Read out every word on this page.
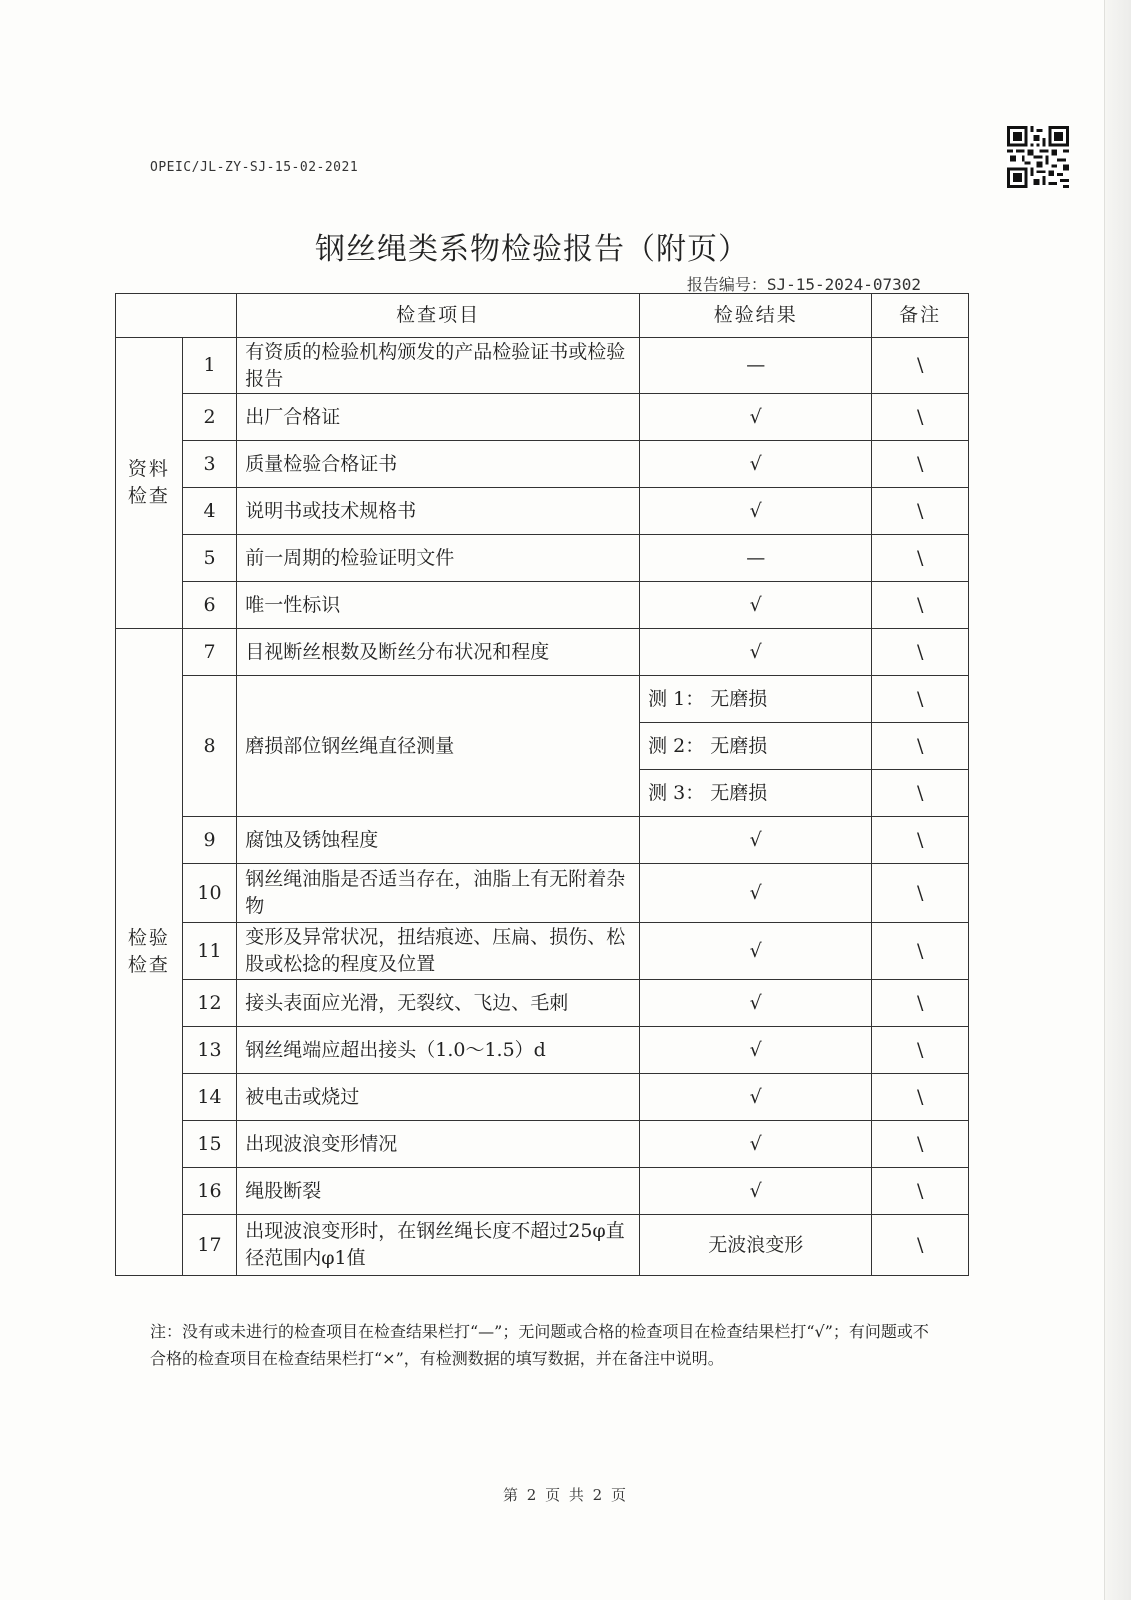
OPEIC/JL-ZY-SJ-15-02-2021
钢丝绳类系物检验报告（附页）
报告编号：SJ-15-2024-07302
		检查项目	检验结果	备注
资料
检查	1	有资质的检验机构颁发的产品检验证书或检验报告	—	\
	2	出厂合格证	√	\
	3	质量检验合格证书	√	\
	4	说明书或技术规格书	√	\
	5	前一周期的检验证明文件	—	\
	6	唯一性标识	√	\
检验
检查	7	目视断丝根数及断丝分布状况和程度	√	\
	8	磨损部位钢丝绳直径测量	测 1： 无磨损	\
			测 2： 无磨损	\
			测 3： 无磨损	\
	9	腐蚀及锈蚀程度	√	\
	10	钢丝绳油脂是否适当存在，油脂上有无附着杂物	√	\
	11	变形及异常状况，扭结痕迹、压扁、损伤、松股或松捻的程度及位置	√	\
	12	接头表面应光滑，无裂纹、飞边、毛刺	√	\
	13	钢丝绳端应超出接头（1.0～1.5）d	√	\
	14	被电击或烧过	√	\
	15	出现波浪变形情况	√	\
	16	绳股断裂	√	\
	17	出现波浪变形时，在钢丝绳长度不超过25φ直径范围内φ1值	无波浪变形	\
注：没有或未进行的检查项目在检查结果栏打“—”；无问题或合格的检查项目在检查结果栏打“√”；有问题或不合格的检查项目在检查结果栏打“×”，有检测数据的填写数据，并在备注中说明。
第 2 页 共 2 页
